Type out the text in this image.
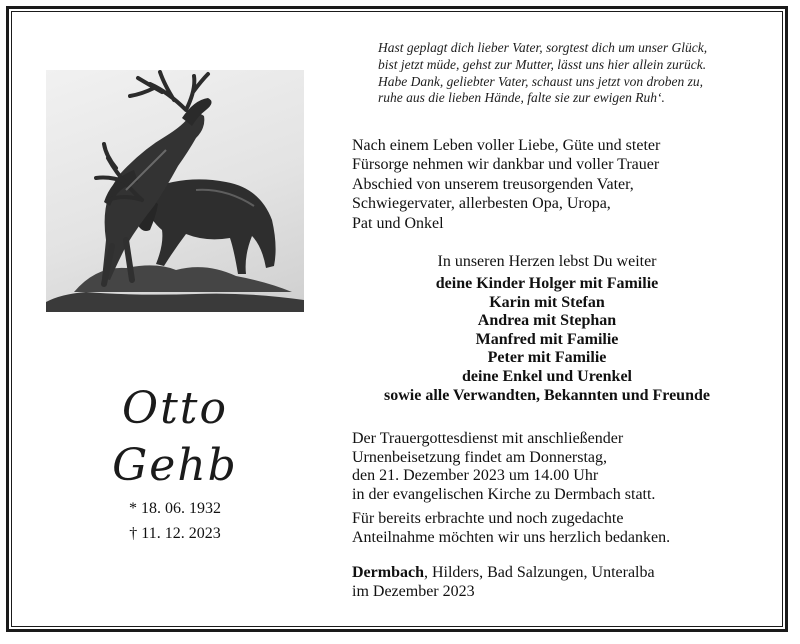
Hast geplagt dich lieber Vater, sorgtest dich um unser Glück,
bist jetzt müde, gehst zur Mutter, lässt uns hier allein zurück.
Habe Dank, geliebter Vater, schaust uns jetzt von droben zu,
ruhe aus die lieben Hände, falte sie zur ewigen Ruh‘.
Otto
Gehb
* 18. 06. 1932
† 11. 12. 2023
Nach einem Leben voller Liebe, Güte und steter
Fürsorge nehmen wir dankbar und voller Trauer
Abschied von unserem treusorgenden Vater,
Schwiegervater, allerbesten Opa, Uropa,
Pat und Onkel
In unseren Herzen lebst Du weiter
deine Kinder Holger mit Familie
Karin mit Stefan
Andrea mit Stephan
Manfred mit Familie
Peter mit Familie
deine Enkel und Urenkel
sowie alle Verwandten, Bekannten und Freunde
Der Trauergottesdienst mit anschließender
Urnenbeisetzung findet am Donnerstag,
den 21. Dezember 2023 um 14.00 Uhr
in der evangelischen Kirche zu Dermbach statt.
Für bereits erbrachte und noch zugedachte
Anteilnahme möchten wir uns herzlich bedanken.
Dermbach, Hilders, Bad Salzungen, Unteralba
im Dezember 2023
